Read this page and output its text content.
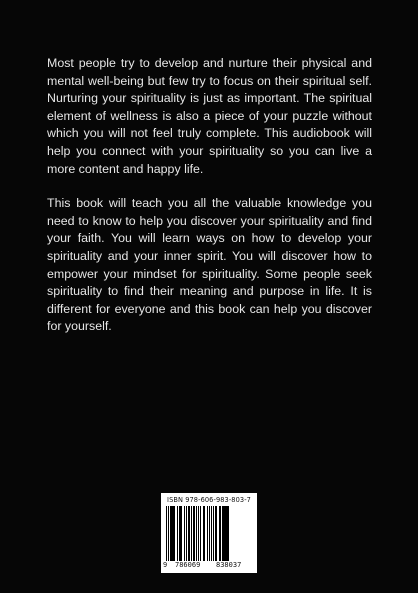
Most people try to develop and nurture their physical and mental well-being but few try to focus on their spiritual self. Nurturing your spirituality is just as important. The spiritual element of wellness is also a piece of your puzzle without which you will not feel truly complete. This audiobook will help you connect with your spirituality so you can live a more content and happy life.

This book will teach you all the valuable knowledge you need to know to help you discover your spirituality and find your faith. You will learn ways on how to develop your spirituality and your inner spirit. You will discover how to empower your mindset for spirituality. Some people seek spirituality to find their meaning and purpose in life. It is different for everyone and this book can help you discover for yourself.

ISBN 978-606-983-803-7
9 786069 838037
